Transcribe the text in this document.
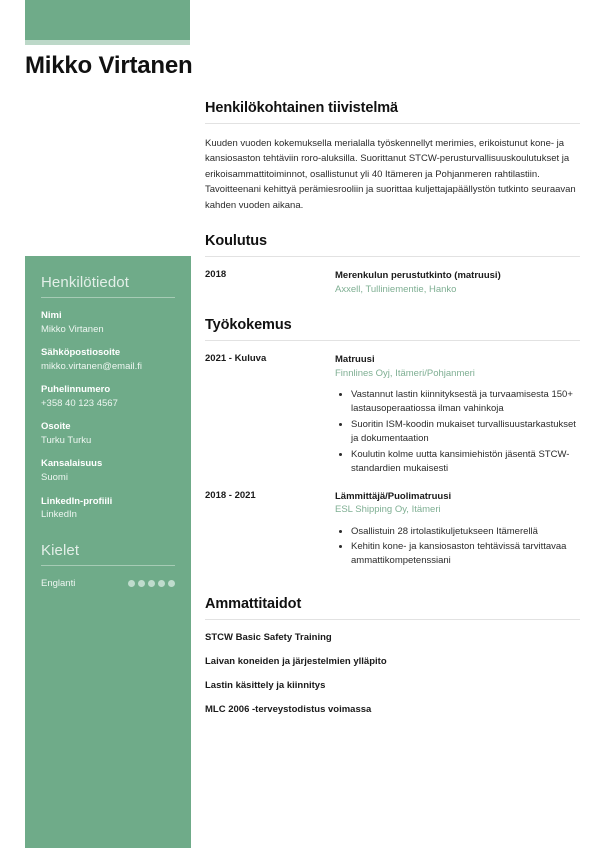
Mikko Virtanen
Henkilötiedot
Nimi
Mikko Virtanen
Sähköpostiosoite
mikko.virtanen@email.fi
Puhelinnumero
+358 40 123 4567
Osoite
Turku Turku
Kansalaisuus
Suomi
LinkedIn-profiili
LinkedIn
Kielet
Englanti
Henkilökohtainen tiivistelmä

Kuuden vuoden kokemuksella merialalla työskennellyt merimies, erikoistunut kone- ja kansiosaston tehtäviin roro-aluksilla. Suorittanut STCW-perusturvallisuuskoulutukset ja erikoisammattitoiminnot, osallistunut yli 40 Itämeren ja Pohjanmeren rahtilastiin. Tavoitteenani kehittyä perämiesrooliin ja suorittaa kuljettajapäällystön tutkinto seuraavan kahden vuoden aikana.

Koulutus
2018	Merenkulun perustutkinto (matruusi)
Axxell, Tulliniementie, Hanko
Työkokemus
2021 - Kuluva	Matruusi
Finnlines Oyj, Itämeri/Pohjanmeri
• Vastannut lastin kiinnityksestä ja turvaamisesta 150+ lastausoperaatiossa ilman vahinkoja
• Suoritin ISM-koodin mukaiset turvallisuustarkastukset ja dokumentaation
• Koulutin kolme uutta kansimiehistön jäsentä STCW-standardien mukaisesti
2018 - 2021	Lämmittäjä/Puolimatruusi
ESL Shipping Oy, Itämeri
• Osallistuin 28 irtolastikuljetukseen Itämerellä
• Kehitin kone- ja kansiosaston tehtävissä tarvittavaa ammattikompetenssiani
Ammattitaidot
STCW Basic Safety Training
Laivan koneiden ja järjestelmien ylläpito
Lastin käsittely ja kiinnitys
MLC 2006 -terveystodistus voimassa
